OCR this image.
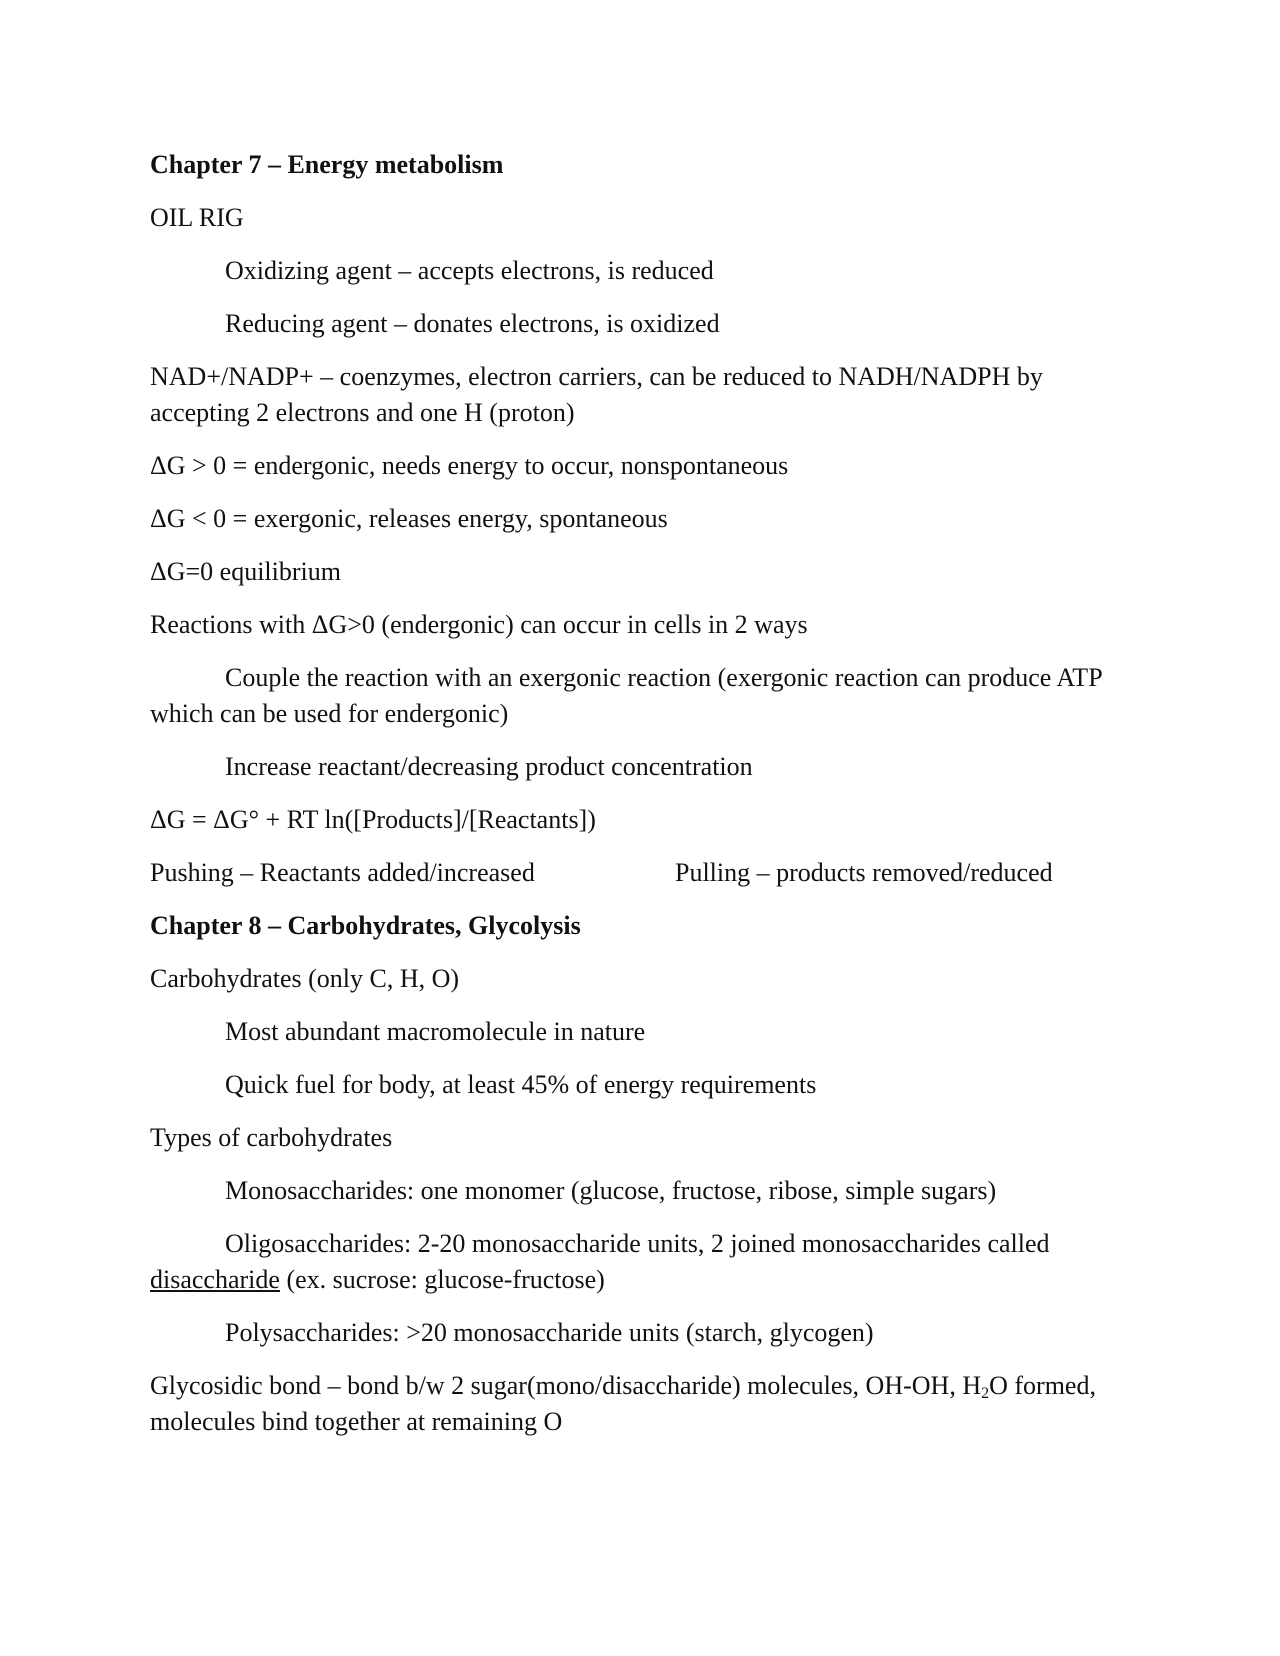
Chapter 7 – Energy metabolism

OIL RIG

Oxidizing agent – accepts electrons, is reduced

Reducing agent – donates electrons, is oxidized

NAD+/NADP+ – coenzymes, electron carriers, can be reduced to NADH/NADPH by accepting 2 electrons and one H (proton)

ΔG > 0 = endergonic, needs energy to occur, nonspontaneous

ΔG < 0 = exergonic, releases energy, spontaneous

ΔG=0 equilibrium

Reactions with ΔG>0 (endergonic) can occur in cells in 2 ways

Couple the reaction with an exergonic reaction (exergonic reaction can produce ATP which can be used for endergonic)

Increase reactant/decreasing product concentration

ΔG = ΔG° + RT ln([Products]/[Reactants])

Pushing – Reactants added/increased	Pulling – products removed/reduced

Chapter 8 – Carbohydrates, Glycolysis

Carbohydrates (only C, H, O)

Most abundant macromolecule in nature

Quick fuel for body, at least 45% of energy requirements

Types of carbohydrates

Monosaccharides: one monomer (glucose, fructose, ribose, simple sugars)

Oligosaccharides: 2-20 monosaccharide units, 2 joined monosaccharides called disaccharide (ex. sucrose: glucose-fructose)

Polysaccharides: >20 monosaccharide units (starch, glycogen)

Glycosidic bond – bond b/w 2 sugar(mono/disaccharide) molecules, OH-OH, $H_2O$ formed, molecules bind together at remaining O
